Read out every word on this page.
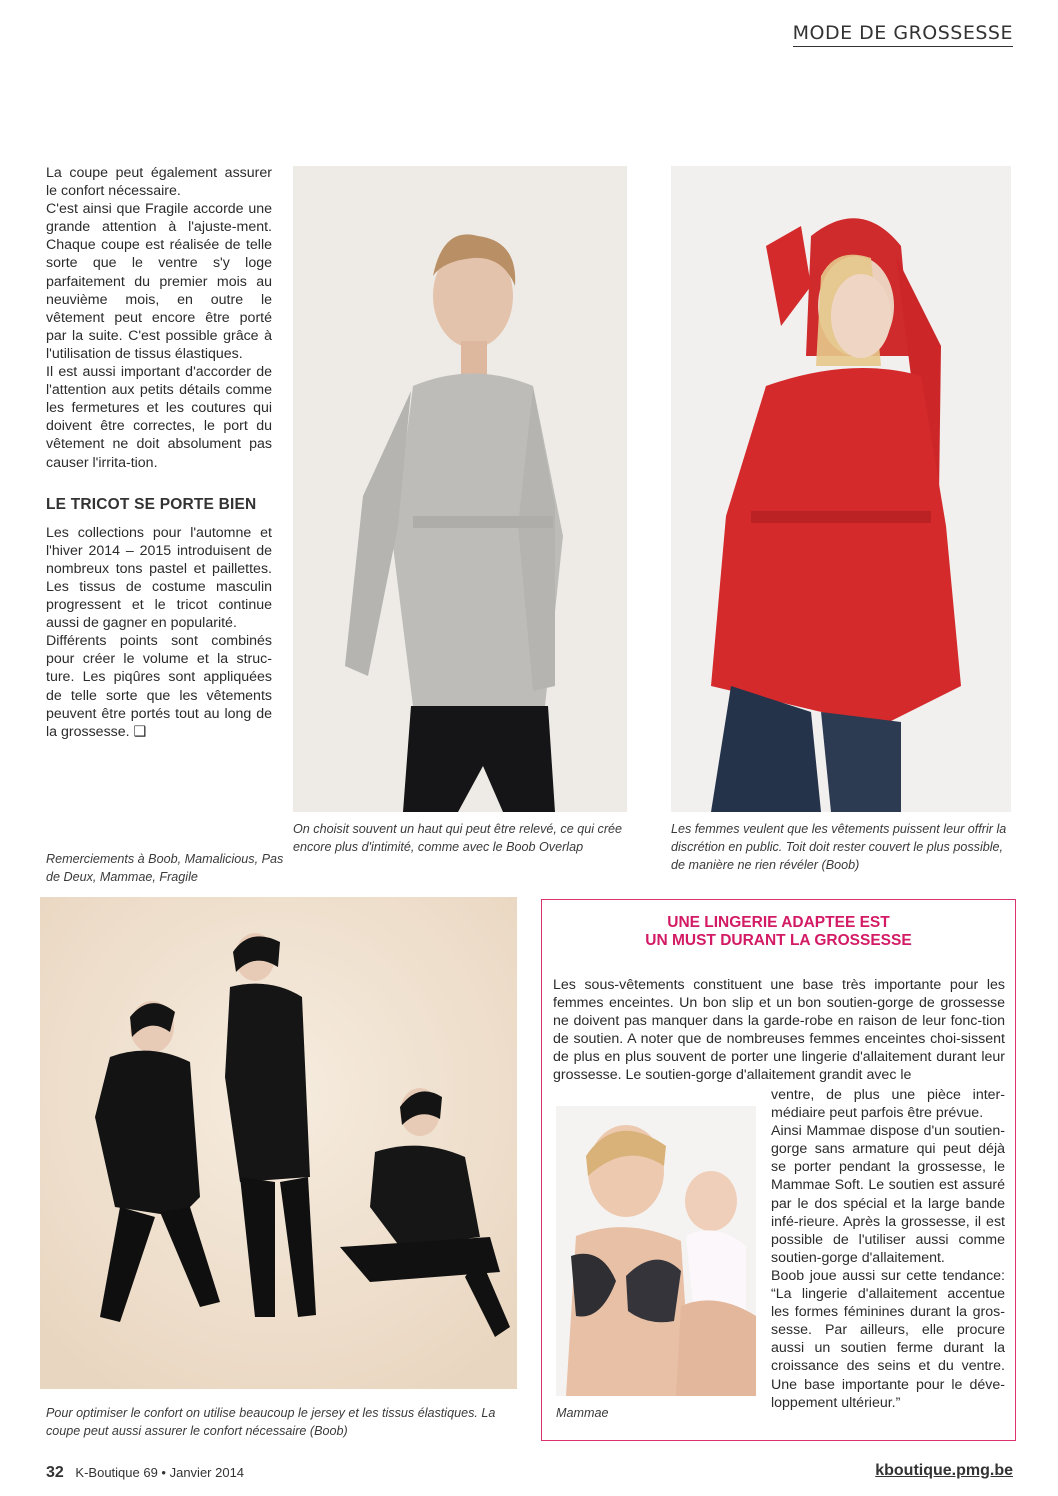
MODE DE GROSSESSE

La coupe peut également assurer le confort nécessaire.

C'est ainsi que Fragile accorde une grande attention à l'ajuste-ment. Chaque coupe est réalisée de telle sorte que le ventre s'y loge parfaitement du premier mois au neuvième mois, en outre le vêtement peut encore être porté par la suite. C'est possible grâce à l'utilisation de tissus élastiques.

Il est aussi important d'accorder de l'attention aux petits détails comme les fermetures et les coutures qui doivent être correctes, le port du vêtement ne doit absolument pas causer l'irrita-tion.

LE TRICOT SE PORTE BIEN

Les collections pour l'automne et l'hiver 2014 – 2015 introduisent de nombreux tons pastel et paillettes. Les tissus de costume masculin progressent et le tricot continue aussi de gagner en popularité.

Différents points sont combinés pour créer le volume et la struc-ture. Les piqûres sont appliquées de telle sorte que les vêtements peuvent être portés tout au long de la grossesse. ❑

Remerciements à Boob, Mamalicious, Pas de Deux, Mammae, Fragile
On choisit souvent un haut qui peut être relevé, ce qui crée encore plus d'intimité, comme avec le Boob Overlap
Les femmes veulent que les vêtements puissent leur offrir la discrétion en public. Toit doit rester couvert le plus possible, de manière ne rien révéler (Boob)
Pour optimiser le confort on utilise beaucoup le jersey et les tissus élastiques. La coupe peut aussi assurer le confort nécessaire (Boob)
UNE LINGERIE ADAPTEE EST
UN MUST DURANT LA GROSSESSE

Les sous-vêtements constituent une base très importante pour les femmes enceintes. Un bon slip et un bon soutien-gorge de grossesse ne doivent pas manquer dans la garde-robe en raison de leur fonc-tion de soutien. A noter que de nombreuses femmes enceintes choi-sissent de plus en plus souvent de porter une lingerie d'allaitement durant leur grossesse. Le soutien-gorge d'allaitement grandit avec le

Mammae

ventre, de plus une pièce inter-médiaire peut parfois être prévue.

Ainsi Mammae dispose d'un soutien-gorge sans armature qui peut déjà se porter pendant la grossesse, le Mammae Soft. Le soutien est assuré par le dos spécial et la large bande infé-rieure. Après la grossesse, il est possible de l'utiliser aussi comme soutien-gorge d'allaitement.

Boob joue aussi sur cette tendance: “La lingerie d'allaitement accentue les formes féminines durant la gros-sesse. Par ailleurs, elle procure aussi un soutien ferme durant la croissance des seins et du ventre. Une base importante pour le déve-loppement ultérieur.”

32 K-Boutique 69 • Janvier 2014	kboutique.pmg.be
